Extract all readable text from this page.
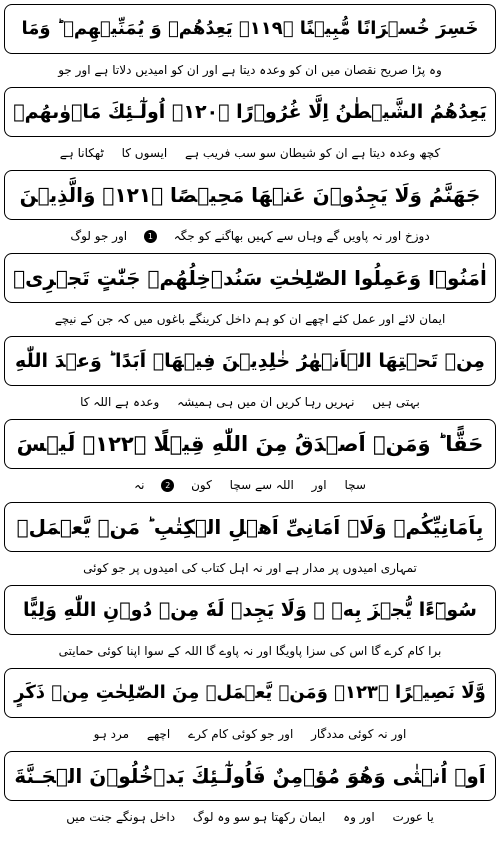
خَسِرَ خُسۡرَانًا مُّبِيۡنًا ﴿١١٩﴾ يَعِدُهُمۡ وَ يُمَنِّيۡهِمۡ ؕ وَمَا
وہ پڑا صریح نقصان میں ان کو وعدہ دیتا ہے اور ان کو امیدیں دلاتا ہے اور جو
يَعِدُهُمُ الشَّيۡطٰنُ اِلَّا غُرُوۡرًا ﴿١٢٠﴾ اُولٰٓـئِكَ مَاۡوٰٮهُمۡ
کچھ وعدہ دیتا ہے ان کو شیطان سو سب فریب ہے ایسوں کا ٹھکانا ہے
جَهَنَّمُ وَلَا يَجِدُوۡنَ عَنۡهَا مَحِيۡصًا ﴿١٢١﴾ وَالَّذِيۡنَ
دوزخ اور نہ پاویں گے وہاں سے کہیں بھاگنے کو جگہ 1 اور جو لوگ
اٰمَنُوۡا وَعَمِلُوا الصّٰلِحٰتِ سَنُدۡخِلُهُمۡ جَنّٰتٍ تَجۡرِىۡ
ایمان لائے اور عمل کئے اچھے ان کو ہم داخل کرینگے باغوں میں کہ جن کے نیچے
مِنۡ تَحۡتِهَا الۡاَنۡهٰرُ خٰلِدِيۡنَ فِيۡهَاۤ اَبَدًا ؕ وَعۡدَ اللّٰهِ
بہتی ہیں نہریں رہا کریں ان میں ہی ہمیشہ وعدہ ہے اللہ کا
حَقًّا ؕ وَمَنۡ اَصۡدَقُ مِنَ اللّٰهِ قِيۡلًا ﴿١٢٢﴾ لَيۡسَ
سچا اور اللہ سے سچا کون 2 نہ
بِاَمَانِيِّكُمۡ وَلَاۤ اَمَانِىِّ اَهۡلِ الۡكِتٰبِ ؕ مَنۡ يَّعۡمَلۡ
تمہاری امیدوں پر مدار ہے اور نہ اہل کتاب کی امیدوں پر جو کوئی
سُوۡٓءًا يُّجۡزَ بِهٖ ۙ وَلَا يَجِدۡ لَهٗ مِنۡ دُوۡنِ اللّٰهِ وَلِيًّا
برا کام کرے گا اس کی سزا پاویگا اور نہ پاوے گا اللہ کے سوا اپنا کوئی حمایتی
وَّلَا نَصِيۡرًا ﴿١٢٣﴾ وَمَنۡ يَّعۡمَلۡ مِنَ الصّٰلِحٰتِ مِنۡ ذَكَرٍ
اور نہ کوئی مددگار اور جو کوئی کام کرے اچھے مرد ہو
اَوۡ اُنۡثٰى وَهُوَ مُؤۡمِنٌ فَاُولٰٓـئِكَ يَدۡخُلُوۡنَ الۡجَـنَّةَ
یا عورت اور وہ ایمان رکھتا ہو سو وہ لوگ داخل ہونگے جنت میں
